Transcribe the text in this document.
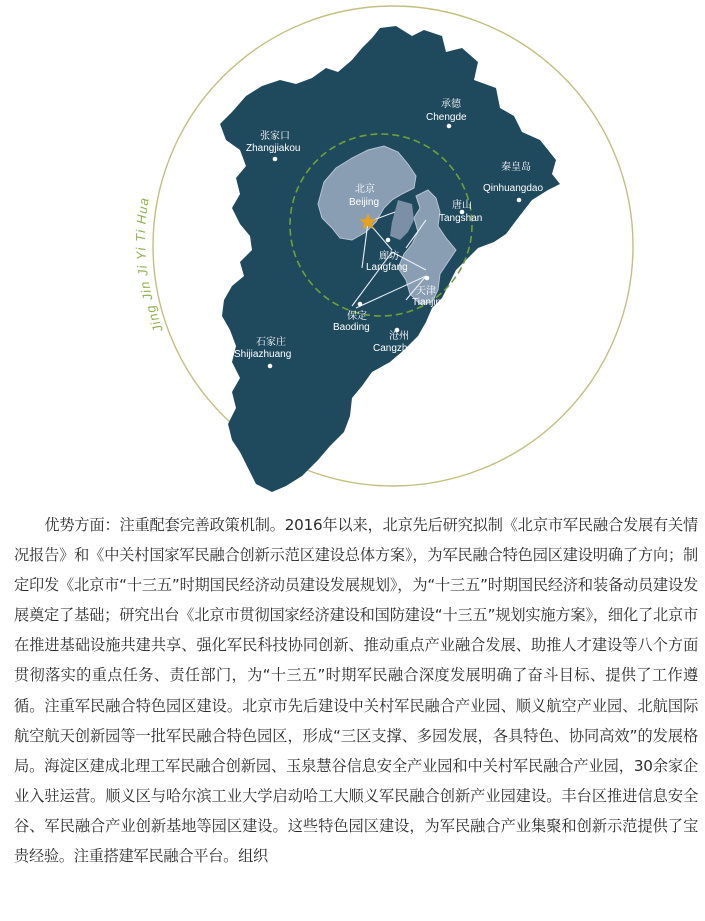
承德
Chengde
张家口
Zhangjiakou
秦皇岛
Qinhuangdao
北京
Beijing	唐山
Tangshan
廊坊
Langfang
天津
Tianjin
保定
Baoding
石家庄
Shijiazhuang
沧州
Cangzhou
Jing Jin Ji Yi Ti Hua

优势方面：注重配套完善政策机制。2016年以来，北京先后研究拟制《北京市军民融合发展有关情况报告》和《中关村国家军民融合创新示范区建设总体方案》，为军民融合特色园区建设明确了方向；制定印发《北京市“十三五”时期国民经济动员建设发展规划》，为“十三五”时期国民经济和装备动员建设发展奠定了基础；研究出台《北京市贯彻国家经济建设和国防建设“十三五”规划实施方案》，细化了北京市在推进基础设施共建共享、强化军民科技协同创新、推动重点产业融合发展、助推人才建设等八个方面贯彻落实的重点任务、责任部门，为“十三五”时期军民融合深度发展明确了奋斗目标、提供了工作遵循。注重军民融合特色园区建设。北京市先后建设中关村军民融合产业园、顺义航空产业园、北航国际航空航天创新园等一批军民融合特色园区，形成“三区支撑、多园发展，各具特色、协同高效”的发展格局。海淀区建成北理工军民融合创新园、玉泉慧谷信息安全产业园和中关村军民融合产业园，30余家企业入驻运营。顺义区与哈尔滨工业大学启动哈工大顺义军民融合创新产业园建设。丰台区推进信息安全谷、军民融合产业创新基地等园区建设。这些特色园区建设，为军民融合产业集聚和创新示范提供了宝贵经验。注重搭建军民融合平台。组织
